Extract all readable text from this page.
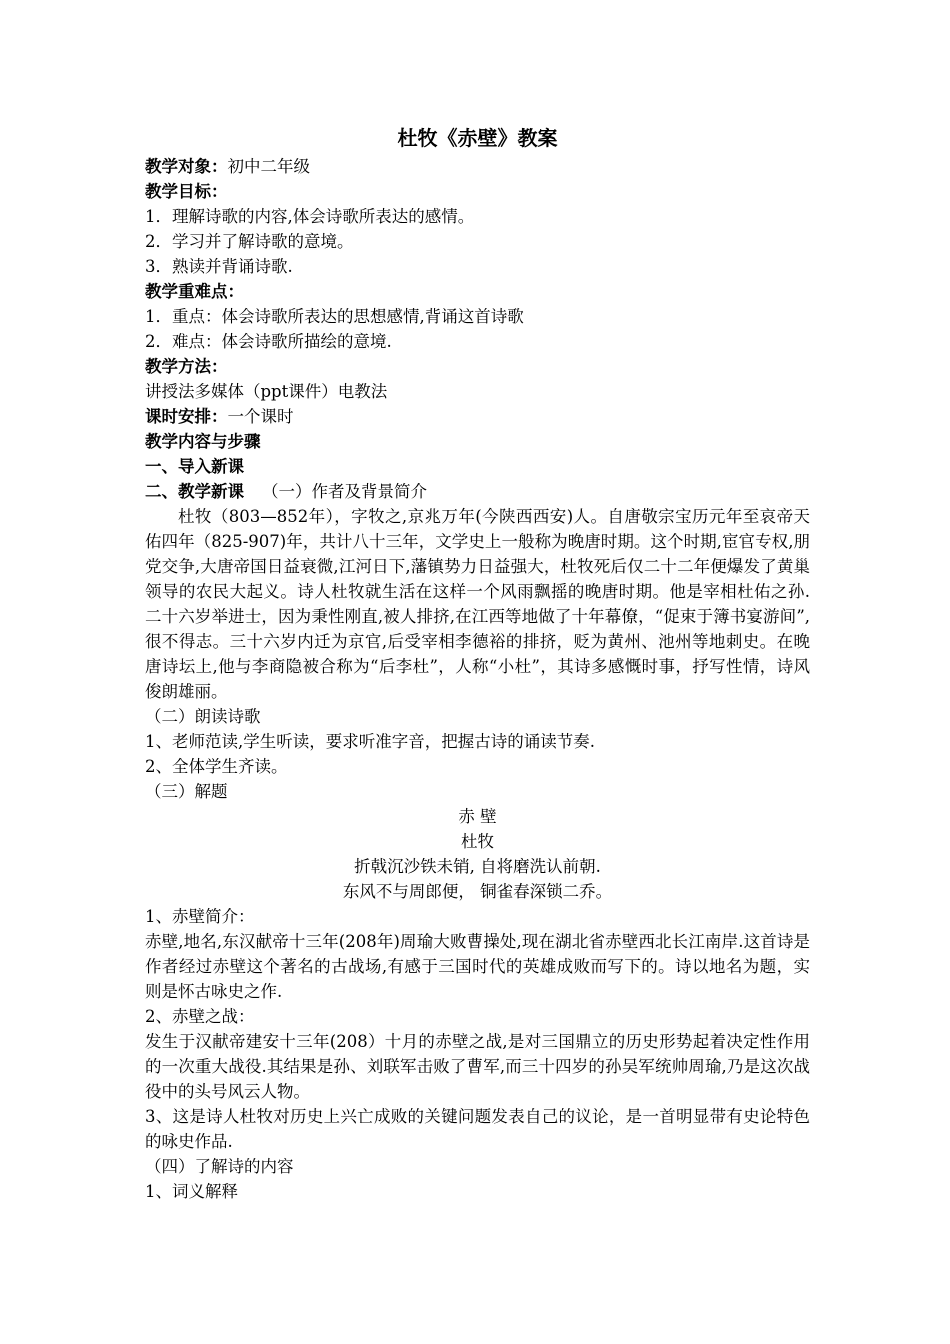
杜牧《赤壁》教案
教学对象：初中二年级
教学目标：
1．理解诗歌的内容,体会诗歌所表达的感情。
2．学习并了解诗歌的意境。
3．熟读并背诵诗歌.
教学重难点：
1．重点：体会诗歌所表达的思想感情,背诵这首诗歌
2．难点：体会诗歌所描绘的意境.
教学方法：
讲授法多媒体（ppt课件）电教法
课时安排：一个课时
教学内容与步骤
一、导入新课
二、教学新课 （一）作者及背景简介
杜牧（803—852年），字牧之,京兆万年(今陕西西安)人。自唐敬宗宝历元年至哀帝天佑四年（825-907)年，共计八十三年，文学史上一般称为晚唐时期。这个时期,宦官专权,朋党交争,大唐帝国日益衰微,江河日下,藩镇势力日益强大，杜牧死后仅二十二年便爆发了黄巢领导的农民大起义。诗人杜牧就生活在这样一个风雨飘摇的晚唐时期。他是宰相杜佑之孙.二十六岁举进士，因为秉性刚直,被人排挤,在江西等地做了十年幕僚，“促束于簿书宴游间”,很不得志。三十六岁内迁为京官,后受宰相李德裕的排挤，贬为黄州、池州等地刺史。在晚唐诗坛上,他与李商隐被合称为“后李杜”，人称“小杜”，其诗多感慨时事，抒写性情，诗风俊朗雄丽。
（二）朗读诗歌
1、老师范读,学生听读，要求听准字音，把握古诗的诵读节奏.
2、全体学生齐读。
（三）解题
赤 壁
杜牧
折戟沉沙铁未销, 自将磨洗认前朝.
东风不与周郎便， 铜雀春深锁二乔。
1、赤壁简介：
赤壁,地名,东汉献帝十三年(208年)周瑜大败曹操处,现在湖北省赤壁西北长江南岸.这首诗是作者经过赤壁这个著名的古战场,有感于三国时代的英雄成败而写下的。诗以地名为题，实则是怀古咏史之作.
2、赤壁之战：
发生于汉献帝建安十三年(208）十月的赤壁之战,是对三国鼎立的历史形势起着决定性作用的一次重大战役.其结果是孙、刘联军击败了曹军,而三十四岁的孙吴军统帅周瑜,乃是这次战役中的头号风云人物。
3、这是诗人杜牧对历史上兴亡成败的关键问题发表自己的议论，是一首明显带有史论特色的咏史作品.
（四）了解诗的内容
1、词义解释
